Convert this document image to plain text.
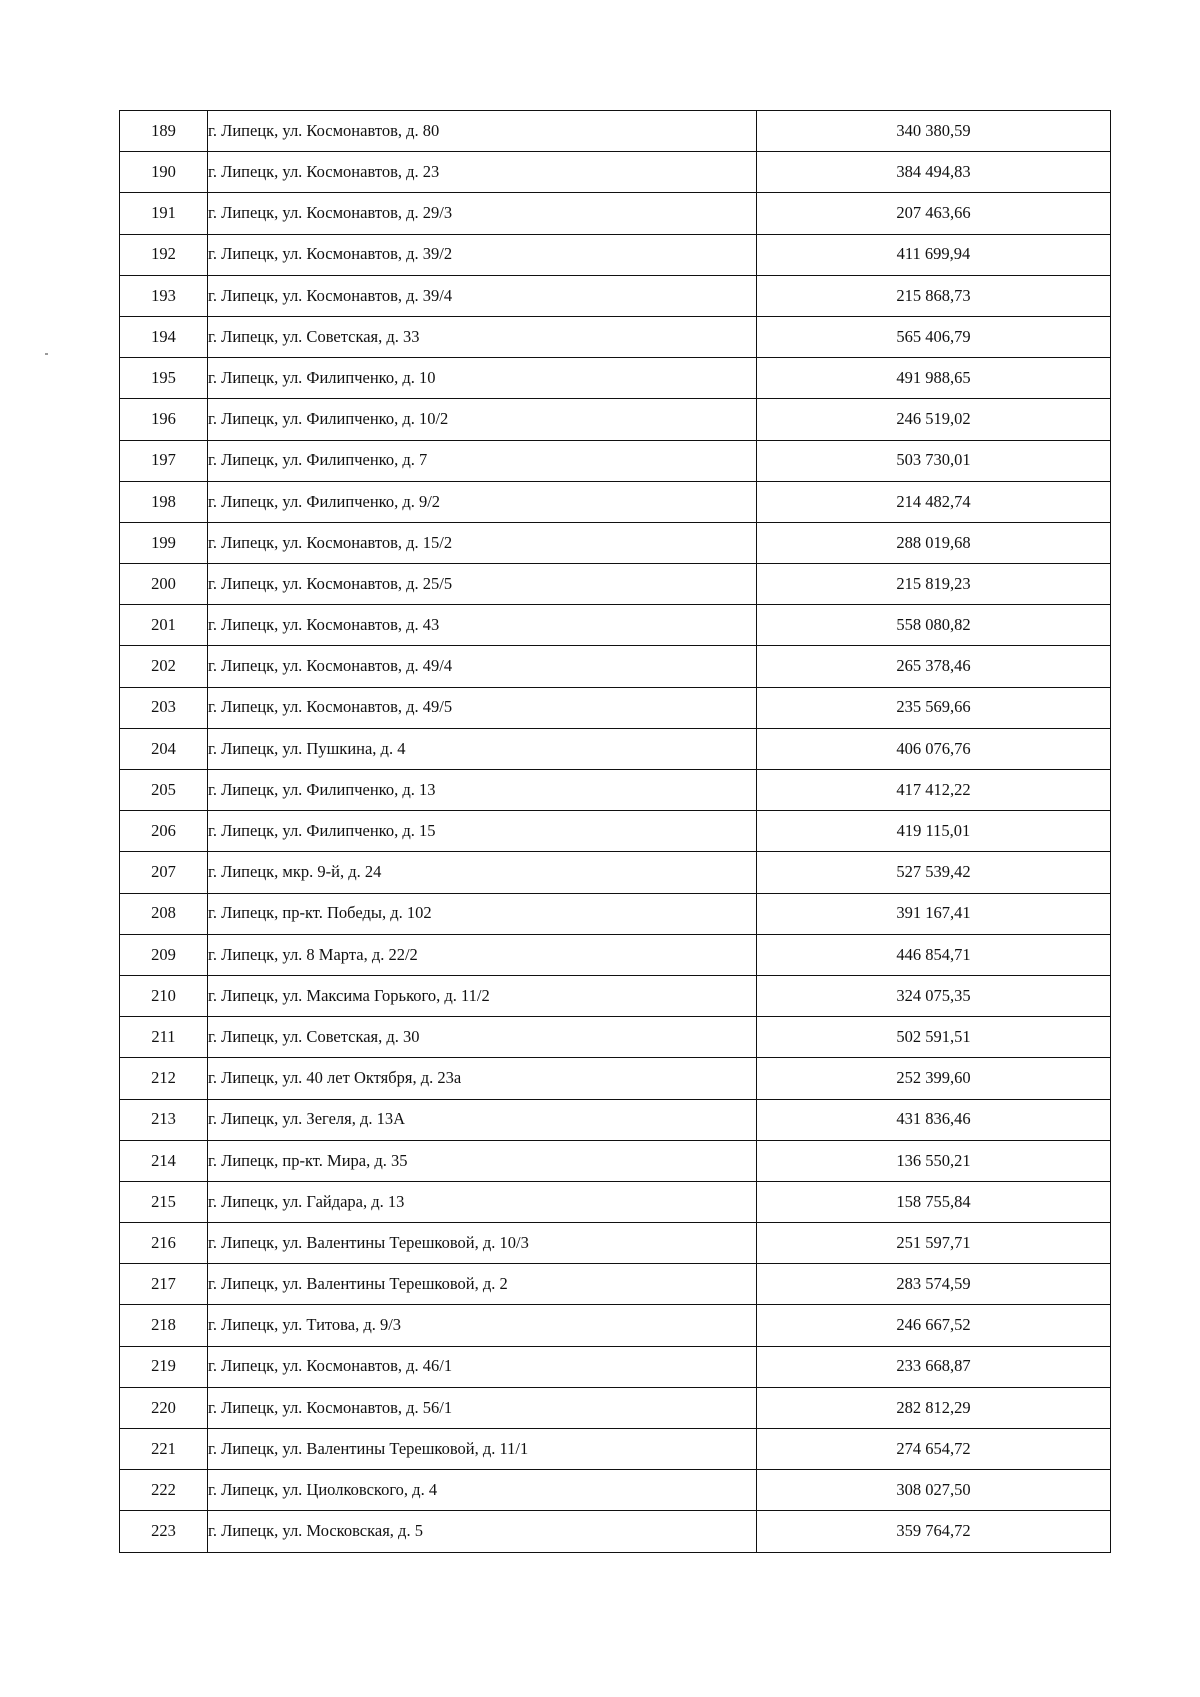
189	г. Липецк, ул. Космонавтов, д. 80	340 380,59
190	г. Липецк, ул. Космонавтов, д. 23	384 494,83
191	г. Липецк, ул. Космонавтов, д. 29/3	207 463,66
192	г. Липецк, ул. Космонавтов, д. 39/2	411 699,94
193	г. Липецк, ул. Космонавтов, д. 39/4	215 868,73
194	г. Липецк, ул. Советская, д. 33	565 406,79
195	г. Липецк, ул. Филипченко, д. 10	491 988,65
196	г. Липецк, ул. Филипченко, д. 10/2	246 519,02
197	г. Липецк, ул. Филипченко, д. 7	503 730,01
198	г. Липецк, ул. Филипченко, д. 9/2	214 482,74
199	г. Липецк, ул. Космонавтов, д. 15/2	288 019,68
200	г. Липецк, ул. Космонавтов, д. 25/5	215 819,23
201	г. Липецк, ул. Космонавтов, д. 43	558 080,82
202	г. Липецк, ул. Космонавтов, д. 49/4	265 378,46
203	г. Липецк, ул. Космонавтов, д. 49/5	235 569,66
204	г. Липецк, ул. Пушкина, д. 4	406 076,76
205	г. Липецк, ул. Филипченко, д. 13	417 412,22
206	г. Липецк, ул. Филипченко, д. 15	419 115,01
207	г. Липецк, мкр. 9-й, д. 24	527 539,42
208	г. Липецк, пр-кт. Победы, д. 102	391 167,41
209	г. Липецк, ул. 8 Марта, д. 22/2	446 854,71
210	г. Липецк, ул. Максима Горького, д. 11/2	324 075,35
211	г. Липецк, ул. Советская, д. 30	502 591,51
212	г. Липецк, ул. 40 лет Октября, д. 23а	252 399,60
213	г. Липецк, ул. Зегеля, д. 13А	431 836,46
214	г. Липецк, пр-кт. Мира, д. 35	136 550,21
215	г. Липецк, ул. Гайдара, д. 13	158 755,84
216	г. Липецк, ул. Валентины Терешковой, д. 10/3	251 597,71
217	г. Липецк, ул. Валентины Терешковой, д. 2	283 574,59
218	г. Липецк, ул. Титова, д. 9/3	246 667,52
219	г. Липецк, ул. Космонавтов, д. 46/1	233 668,87
220	г. Липецк, ул. Космонавтов, д. 56/1	282 812,29
221	г. Липецк, ул. Валентины Терешковой, д. 11/1	274 654,72
222	г. Липецк, ул. Циолковского, д. 4	308 027,50
223	г. Липецк, ул. Московская, д. 5	359 764,72
